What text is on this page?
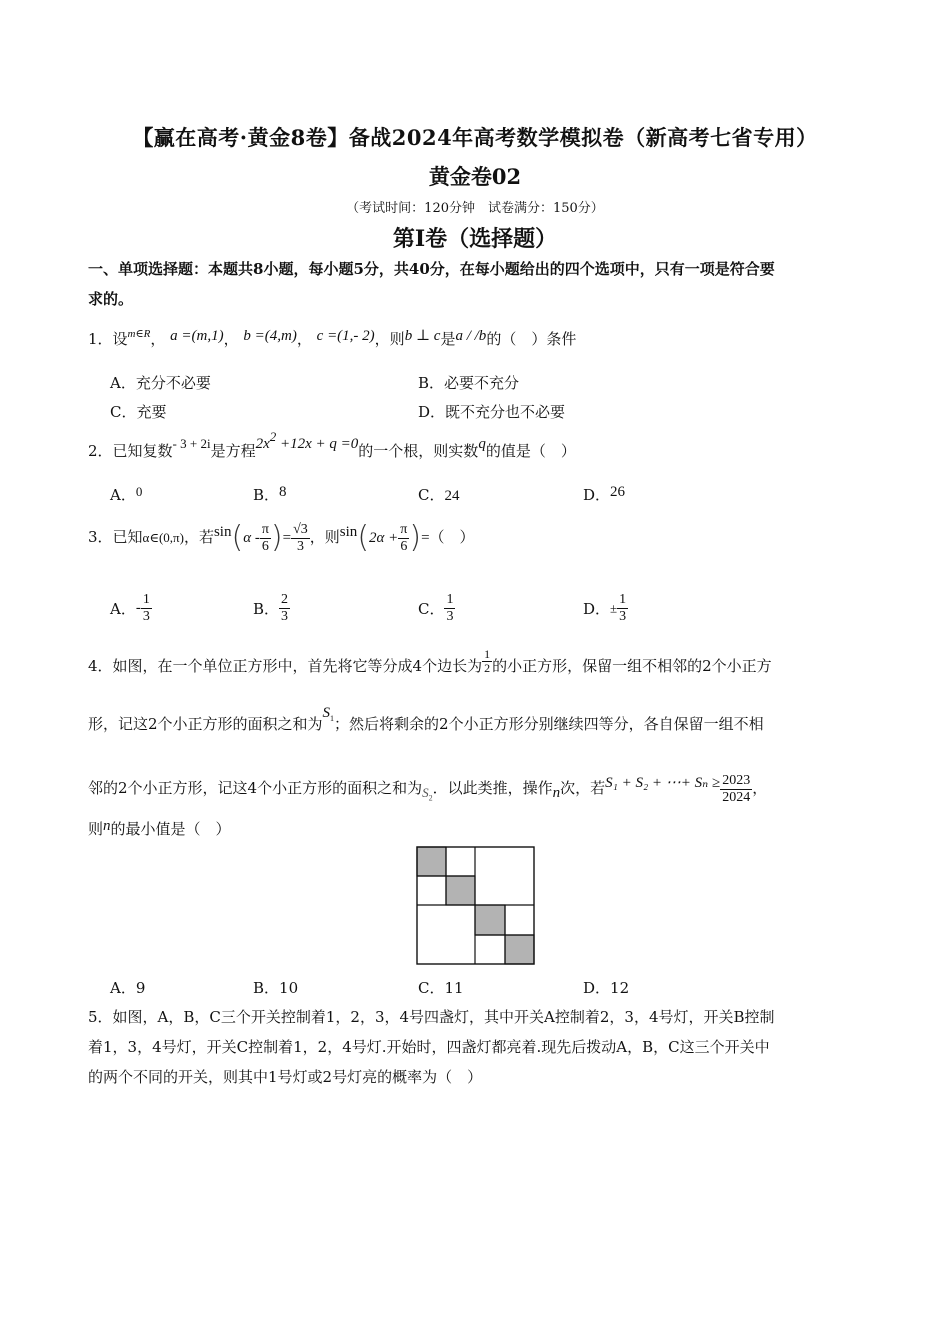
【赢在高考·黄金8卷】备战2024年高考数学模拟卷（新高考七省专用）
黄金卷02
（考试时间：120分钟　试卷满分：150分）
第I卷（选择题）
一、单项选择题：本题共8小题，每小题5分，共40分，在每小题给出的四个选项中，只有一项是符合要
求的。
1．设$^{m\in R}$， a =(m,1)， b =(4,m)， c =(1,- 2)，则b ⊥ c是a / /b的（　）条件
A．充分不必要	B．必要不充分
C．充要	D．既不充分也不必要
2．已知复数- 3 + 2i是方程2x2 +12x + q =0的一个根，则实数q的值是（　）
A．0	B．8	C．24	D．26
3．已知α∈(0,π)，若$\sin(\alpha - \frac{\pi}{6}$ )= $\frac{√3}{3}$ ，则$\sin(2\alpha + \frac{\pi}{6}$ )=（　）
A．- $\frac{1}{3}$	B． $\frac{2}{3}$	C． $\frac{1}{3}$	D．± $\frac{1}{3}$
4．如图，在一个单位正方形中，首先将它等分成4个边长为 $\frac{1}{2}$ 的小正方形，保留一组不相邻的2个小正方
形，记这2个小正方形的面积之和为$S_1$；然后将剩余的2个小正方形分别继续四等分，各自保留一组不相
邻的2个小正方形，记这4个小正方形的面积之和为$S_2$．以此类推，操作n次，若S₁ + S₂ + ⋯+ $S_n \ge \frac{2023}{2024}$ ，
则n的最小值是（　）
A．9	B．10	C．11	D．12
5．如图，A，B，C三个开关控制着1，2，3，4号四盏灯，其中开关A控制着2，3，4号灯，开关B控制
着1，3，4号灯，开关C控制着1，2，4号灯.开始时，四盏灯都亮着.现先后拨动A，B，C这三个开关中
的两个不同的开关，则其中1号灯或2号灯亮的概率为（　）
